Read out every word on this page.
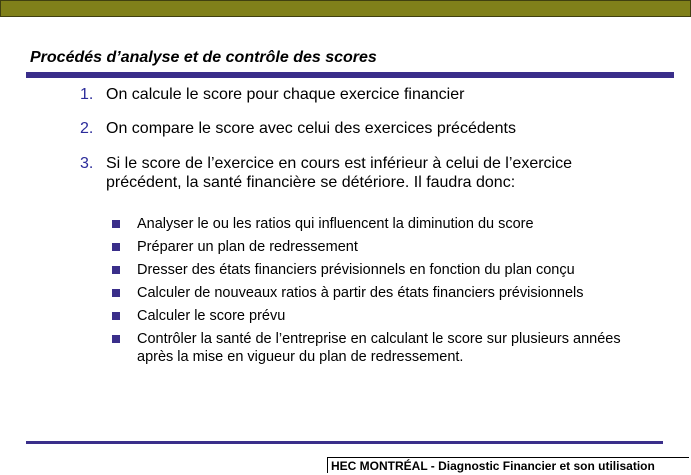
Procédés d’analyse et de contrôle des scores
1. On calcule le score pour chaque exercice financier
2. On compare le score avec celui des exercices précédents
3. Si le score de l’exercice en cours est inférieur à celui de l’exercice précédent, la santé financière se détériore. Il faudra donc:
Analyser le ou les ratios qui influencent la diminution du score
Préparer un plan de redressement
Dresser des états financiers prévisionnels en fonction du plan conçu
Calculer de nouveaux ratios à partir des états financiers prévisionnels
Calculer le score prévu
Contrôler la santé de l’entreprise en calculant le score sur plusieurs années après la mise en vigueur du plan de redressement.
HEC MONTRÉAL - Diagnostic Financier et son utilisation
